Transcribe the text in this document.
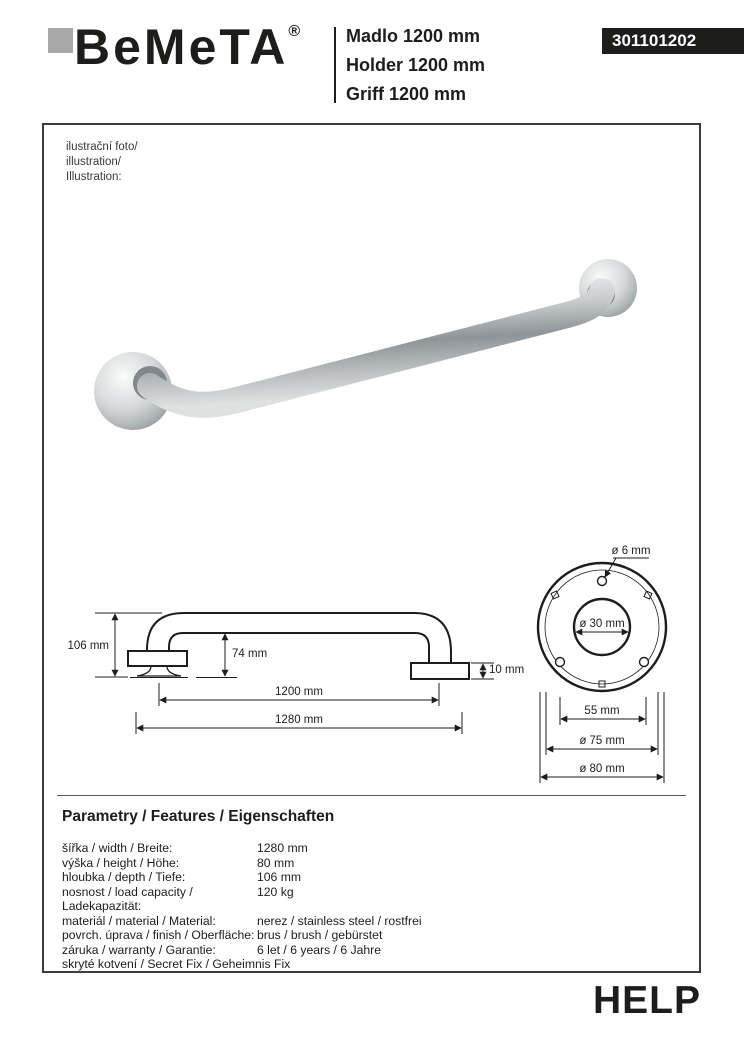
BeMeTA®	Madlo 1200 mm
Holder 1200 mm
Griff 1200 mm
301101202
ilustrační foto/
illustration/
Illustration:
106 mm
74 mm
10 mm
1200 mm
1280 mm
ø 6 mm
ø 30 mm
55 mm
ø 75 mm
ø 80 mm
Parametry / Features / Eigenschaften
šířka / width / Breite:	1280 mm
výška / height / Höhe:	80 mm
hloubka / depth / Tiefe:	106 mm
nosnost / load capacity / Ladekapazität:
120 kg
materiál / material / Material:	nerez / stainless steel / rostfrei
povrch. úprava / finish / Oberfläche: brus / brush / gebürstet
záruka / warranty / Garantie:	6 let / 6 years / 6 Jahre
skryté kotvení / Secret Fix / Geheimnis Fix
HELP
